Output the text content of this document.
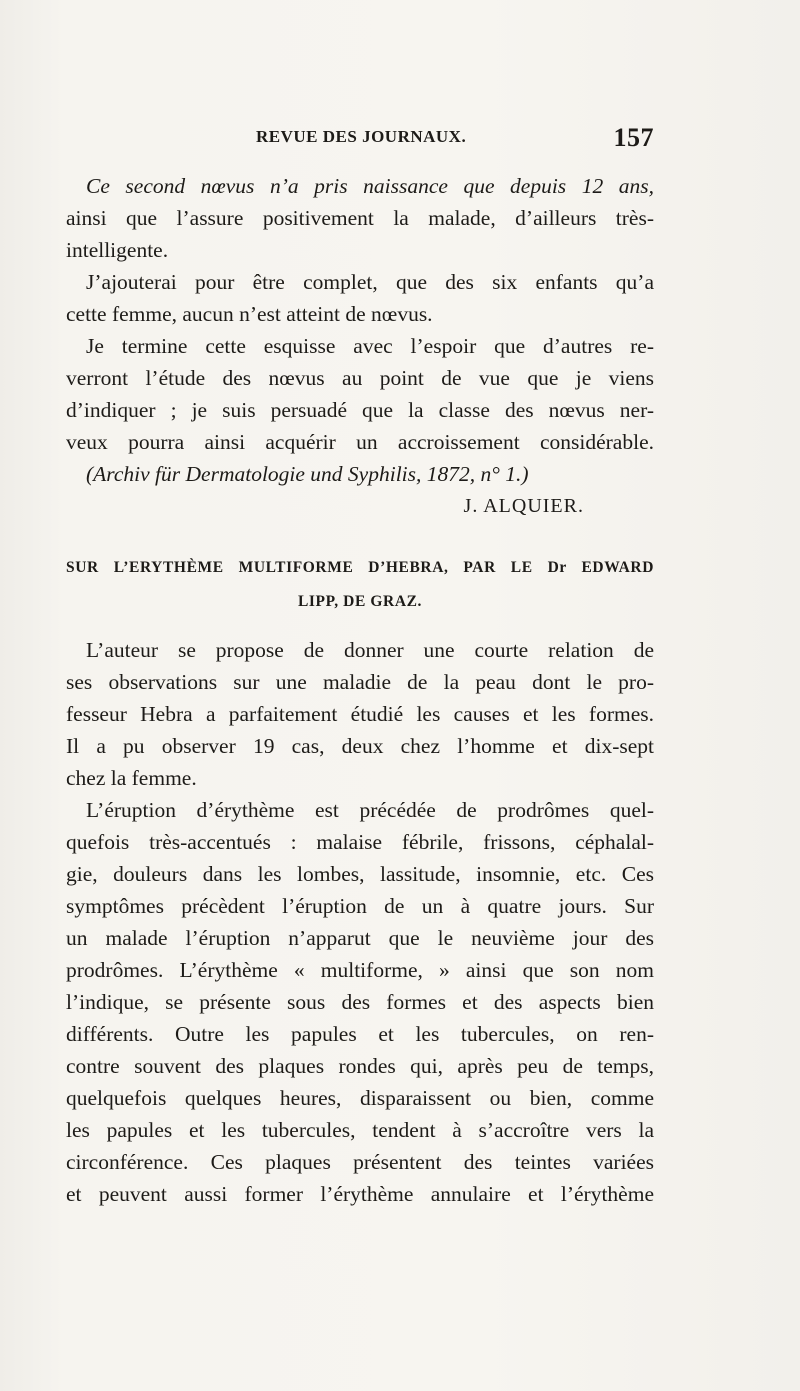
REVUE DES JOURNAUX.	157
Ce second nœvus n’a pris naissance que depuis 12 ans,
ainsi que l’assure positivement la malade, d’ailleurs très-
intelligente.
J’ajouterai pour être complet, que des six enfants qu’a
cette femme, aucun n’est atteint de nœvus.
Je termine cette esquisse avec l’espoir que d’autres re-
verront l’étude des nœvus au point de vue que je viens
d’indiquer ; je suis persuadé que la classe des nœvus ner-
veux pourra ainsi acquérir un accroissement considérable.
(Archiv für Dermatologie und Syphilis, 1872, n° 1.)
J. ALQUIER.
SUR L’ERYTHÈME MULTIFORME D’HEBRA, PAR LE Dr EDWARD
LIPP, DE GRAZ.
L’auteur se propose de donner une courte relation de
ses observations sur une maladie de la peau dont le pro-
fesseur Hebra a parfaitement étudié les causes et les formes.
Il a pu observer 19 cas, deux chez l’homme et dix-sept
chez la femme.
L’éruption d’érythème est précédée de prodrômes quel-
quefois très-accentués : malaise fébrile, frissons, céphalal-
gie, douleurs dans les lombes, lassitude, insomnie, etc. Ces
symptômes précèdent l’éruption de un à quatre jours. Sur
un malade l’éruption n’apparut que le neuvième jour des
prodrômes. L’érythème « multiforme, » ainsi que son nom
l’indique, se présente sous des formes et des aspects bien
différents. Outre les papules et les tubercules, on ren-
contre souvent des plaques rondes qui, après peu de temps,
quelquefois quelques heures, disparaissent ou bien, comme
les papules et les tubercules, tendent à s’accroître vers la
circonférence. Ces plaques présentent des teintes variées
et peuvent aussi former l’érythème annulaire et l’érythème
